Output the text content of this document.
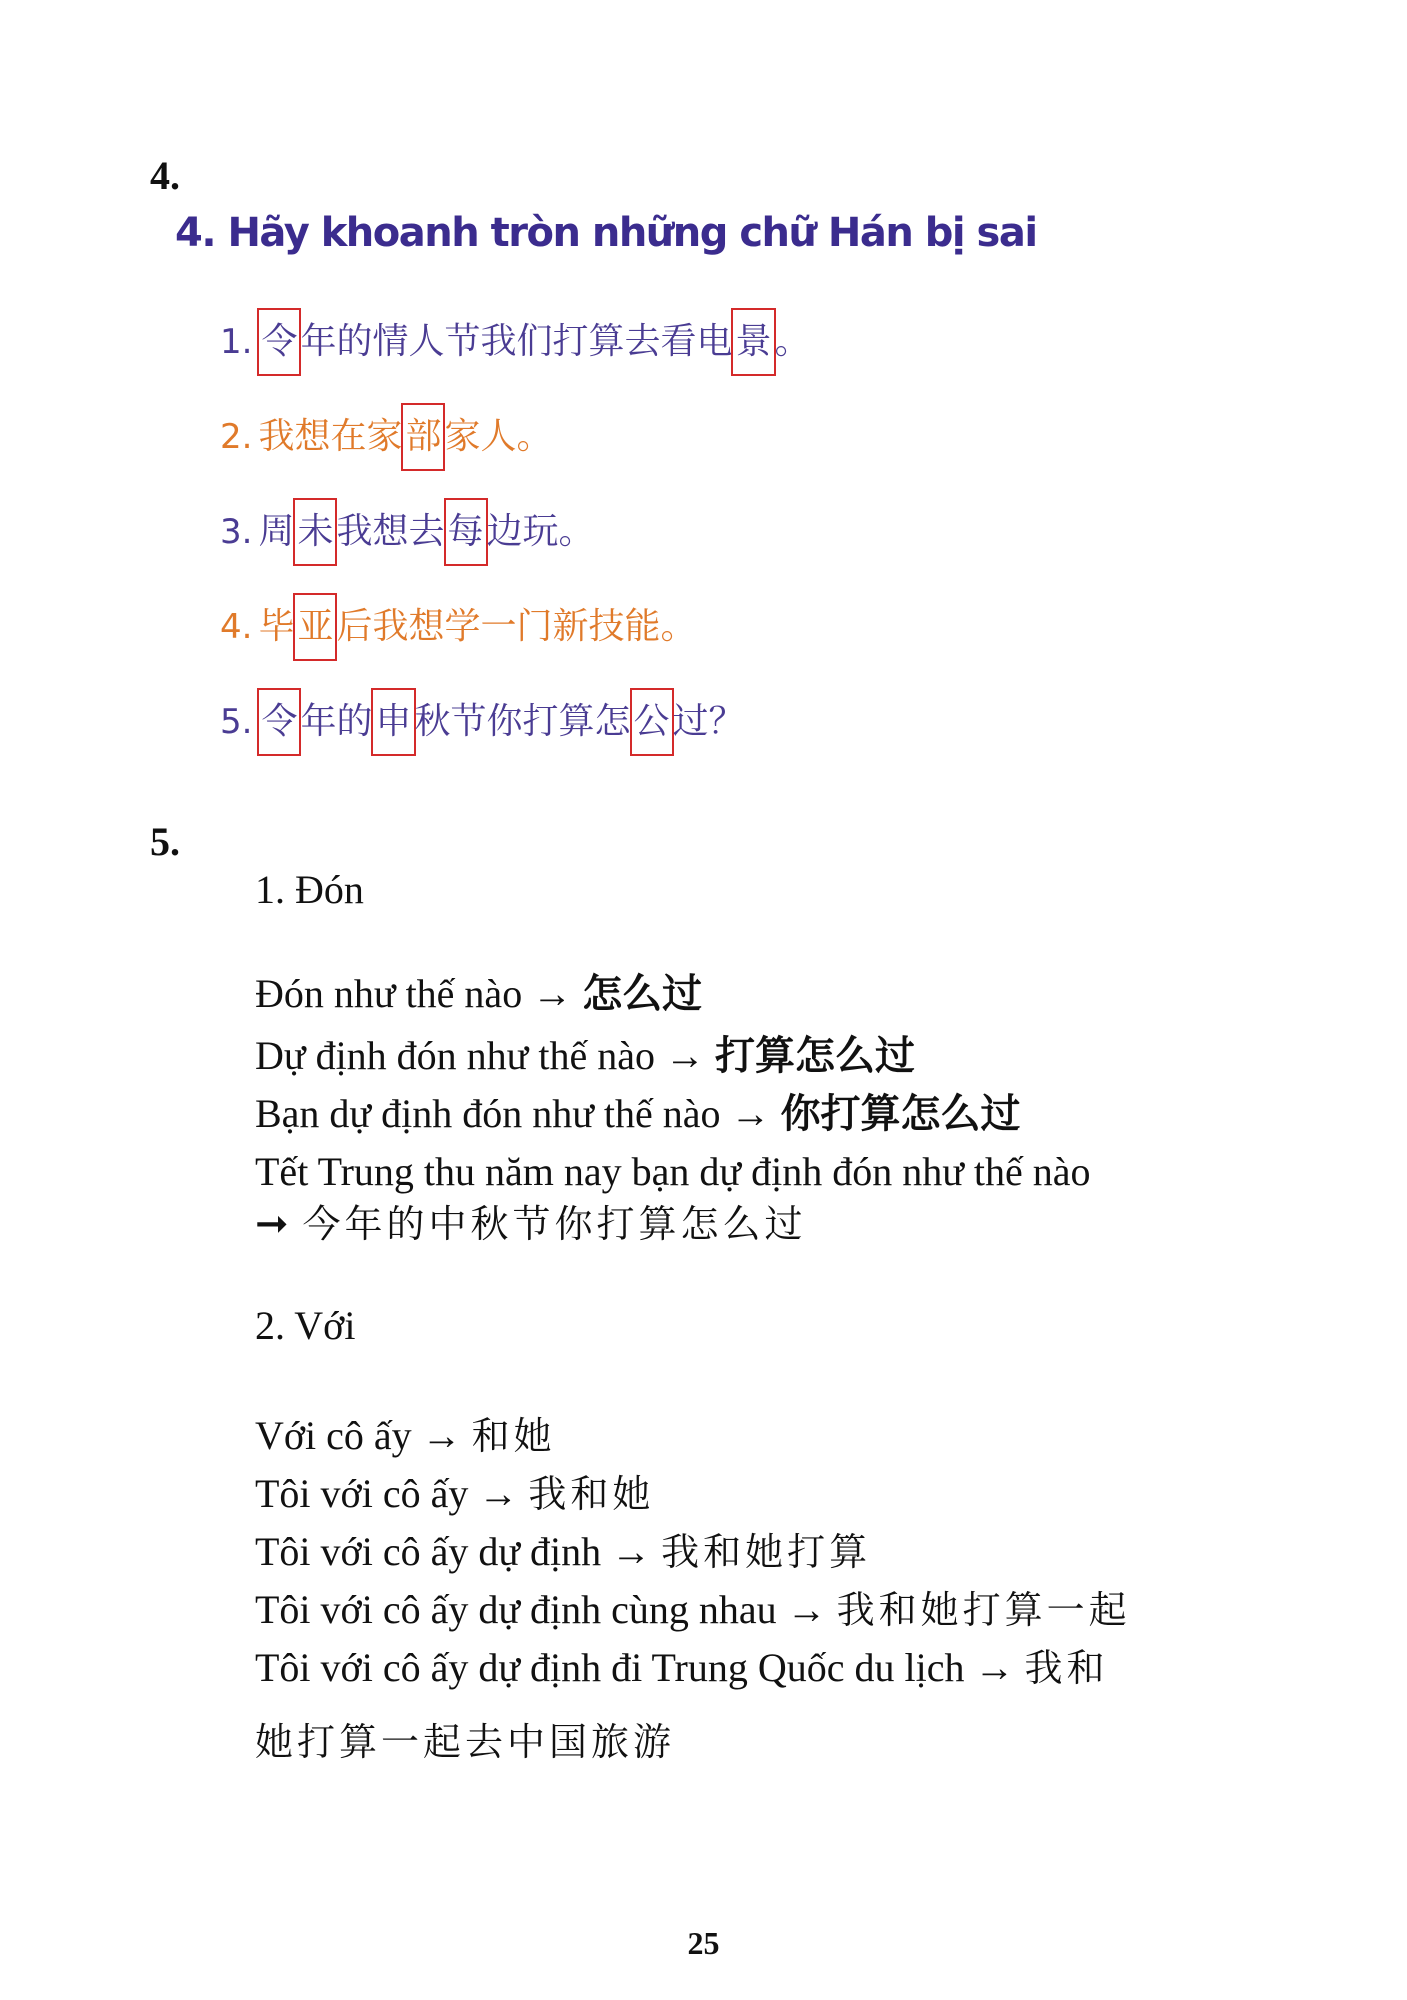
4.
4. Hãy khoanh tròn những chữ Hán bị sai
1. 令 年的情人节我们打算去看电 景 。
2. 我想在家 部 家人。
3. 周 未 我想去 每 边玩。
4. 毕 亚 后我想学一门新技能。
5. 令 年的 申 秋节你打算怎 公 过？
5.
1. Đón
Đón như thế nào → 怎么过
Dự định đón như thế nào → 打算怎么过
Bạn dự định đón như thế nào → 你打算怎么过
Tết Trung thu năm nay bạn dự định đón như thế nào
➞ 今年的中秋节你打算怎么过
2. Với
Với cô ấy → 和她
Tôi với cô ấy → 我和她
Tôi với cô ấy dự định → 我和她打算
Tôi với cô ấy dự định cùng nhau → 我和她打算一起
Tôi với cô ấy dự định đi Trung Quốc du lịch → 我和
她打算一起去中国旅游
25
